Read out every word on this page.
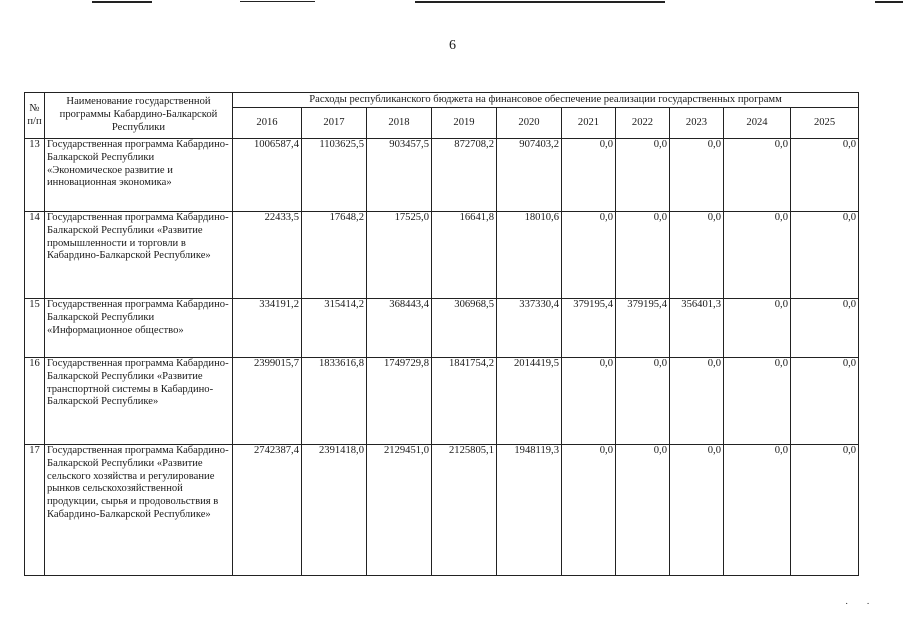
6
№ п/п	Наименование государственной программы Кабардино-Балкарской Республики	Расходы республиканского бюджета на финансовое обеспечение реализации государственных программ									
		2016	2017	2018	2019	2020	2021	2022	2023	2024	2025
13	Государственная программа Кабардино-Балкарской Республики «Экономическое развитие и инновационная экономика»	1006587,4	1103625,5	903457,5	872708,2	907403,2	0,0	0,0	0,0	0,0	0,0
14	Государственная программа Кабардино-Балкарской Республики «Развитие промышленности и торговли в Кабардино-Балкарской Республике»	22433,5	17648,2	17525,0	16641,8	18010,6	0,0	0,0	0,0	0,0	0,0
15	Государственная программа Кабардино-Балкарской Республики «Информационное общество»	334191,2	315414,2	368443,4	306968,5	337330,4	379195,4	379195,4	356401,3	0,0	0,0
16	Государственная программа Кабардино-Балкарской Республики «Развитие транспортной системы в Кабардино-Балкарской Республике»	2399015,7	1833616,8	1749729,8	1841754,2	2014419,5	0,0	0,0	0,0	0,0	0,0
17	Государственная программа Кабардино-Балкарской Республики «Развитие сельского хозяйства и регулирование рынков сельскохозяйственной продукции, сырья и продовольствия в Кабардино-Балкарской Республике»	2742387,4	2391418,0	2129451,0	2125805,1	1948119,3	0,0	0,0	0,0	0,0	0,0
˙˙
